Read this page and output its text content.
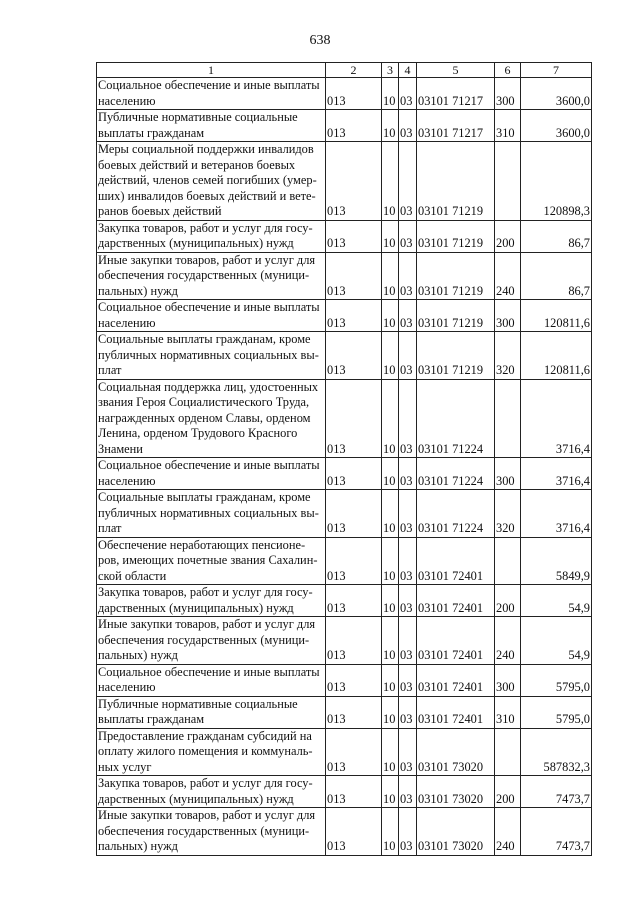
638
1	2	3	4	5	6	7
Социальное обеспечение и иные выплаты
населению	013	10	03	03101 71217	300	3600,0
Публичные нормативные социальные
выплаты гражданам	013	10	03	03101 71217	310	3600,0
Меры социальной поддержки инвалидов
боевых действий и ветеранов боевых
действий, членов семей погибших (умер-
ших) инвалидов боевых действий и вете-
ранов боевых действий	013	10	03	03101 71219		120898,3
Закупка товаров, работ и услуг для госу-
дарственных (муниципальных) нужд	013	10	03	03101 71219	200	86,7
Иные закупки товаров, работ и услуг для
обеспечения государственных (муници-
пальных) нужд	013	10	03	03101 71219	240	86,7
Социальное обеспечение и иные выплаты
населению	013	10	03	03101 71219	300	120811,6
Социальные выплаты гражданам, кроме
публичных нормативных социальных вы-
плат	013	10	03	03101 71219	320	120811,6
Социальная поддержка лиц, удостоенных
звания Героя Социалистического Труда,
награжденных орденом Славы, орденом
Ленина, орденом Трудового Красного
Знамени	013	10	03	03101 71224		3716,4
Социальное обеспечение и иные выплаты
населению	013	10	03	03101 71224	300	3716,4
Социальные выплаты гражданам, кроме
публичных нормативных социальных вы-
плат	013	10	03	03101 71224	320	3716,4
Обеспечение неработающих пенсионе-
ров, имеющих почетные звания Сахалин-
ской области	013	10	03	03101 72401		5849,9
Закупка товаров, работ и услуг для госу-
дарственных (муниципальных) нужд	013	10	03	03101 72401	200	54,9
Иные закупки товаров, работ и услуг для
обеспечения государственных (муници-
пальных) нужд	013	10	03	03101 72401	240	54,9
Социальное обеспечение и иные выплаты
населению	013	10	03	03101 72401	300	5795,0
Публичные нормативные социальные
выплаты гражданам	013	10	03	03101 72401	310	5795,0
Предоставление гражданам субсидий на
оплату жилого помещения и коммуналь-
ных услуг	013	10	03	03101 73020		587832,3
Закупка товаров, работ и услуг для госу-
дарственных (муниципальных) нужд	013	10	03	03101 73020	200	7473,7
Иные закупки товаров, работ и услуг для
обеспечения государственных (муници-
пальных) нужд	013	10	03	03101 73020	240	7473,7
